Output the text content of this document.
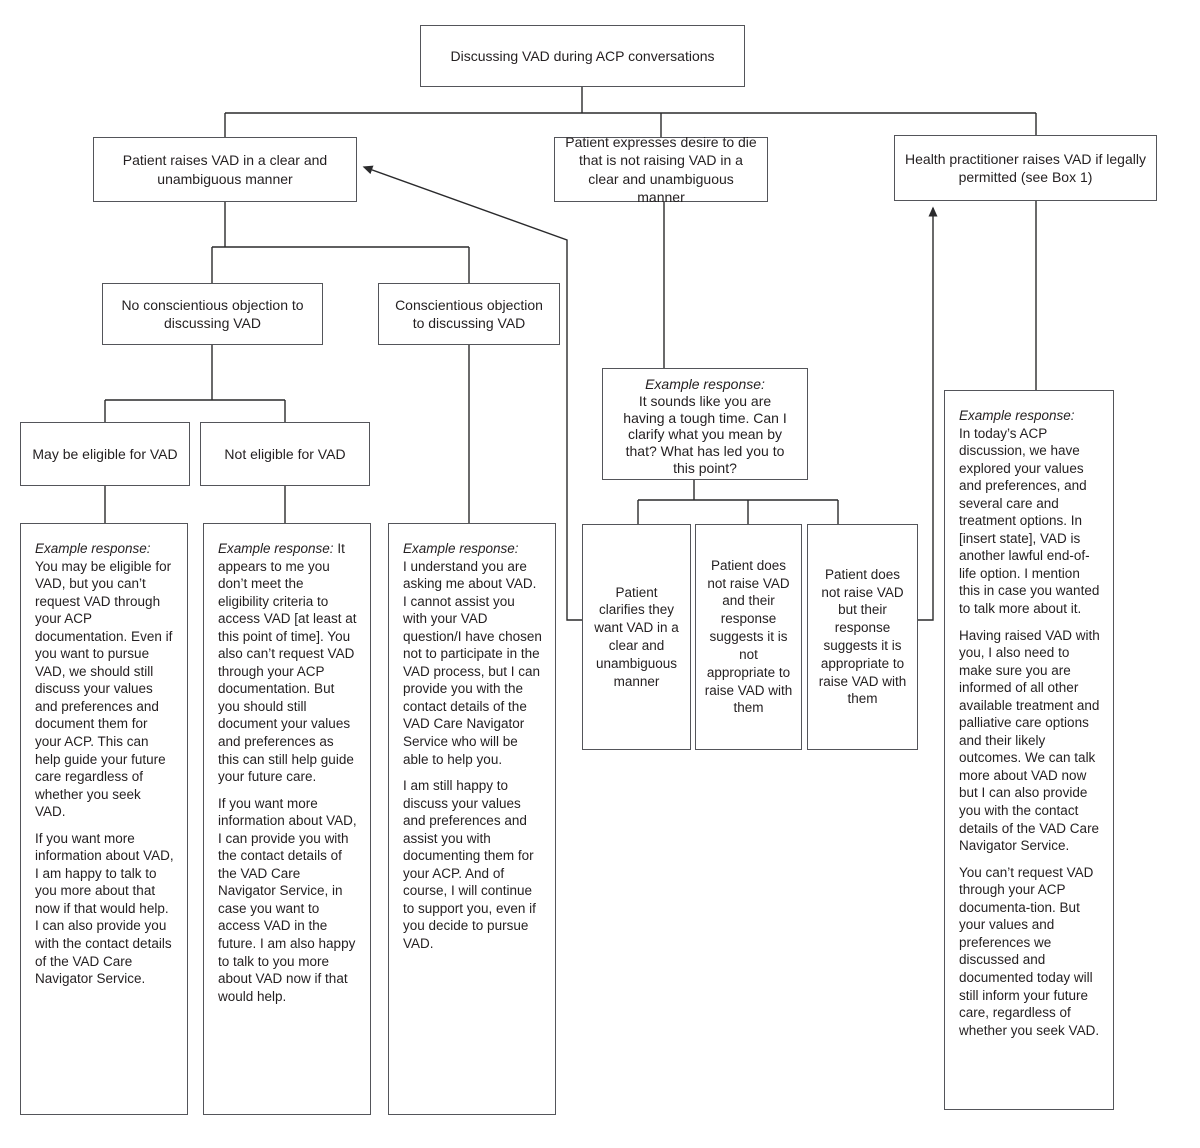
Discussing VAD during ACP conversations
Patient raises VAD in a clear and unambiguous manner
Patient expresses desire to die that is not raising VAD in a clear and unambiguous manner
Health practitioner raises VAD if legally permitted (see Box 1)
No conscientious objection to discussing VAD
Conscientious objection to discussing VAD
May be eligible for VAD	Not eligible for VAD
Example response:
It sounds like you are having a tough time. Can I clarify what you mean by that? What has led you to this point?
Patient clarifies they want VAD in a clear and unambiguous manner
Patient does not raise VAD and their response suggests it is not appropriate to raise VAD with them
Patient does not raise VAD but their response suggests it is appropriate to raise VAD with them
Example response: You may be eligible for VAD, but you can’t request VAD through your ACP documentation. Even if you want to pursue VAD, we should still discuss your values and preferences and document them for your ACP. This can help guide your future care regardless of whether you seek VAD.
If you want more information about VAD, I am happy to talk to you more about that now if that would help. I can also provide you with the contact details of the VAD Care Navigator Service.
Example response: It appears to me you don’t meet the eligibility criteria to access VAD [at least at this point of time]. You also can’t request VAD through your ACP documentation. But you should still document your values and preferences as this can still help guide your future care.
If you want more information about VAD, I can provide you with the contact details of the VAD Care Navigator Service, in case you want to access VAD in the future. I am also happy to talk to you more about VAD now if that would help.
Example response:
I understand you are asking me about VAD. I cannot assist you with your VAD question/I have chosen not to participate in the VAD process, but I can provide you with the contact details of the VAD Care Navigator Service who will be able to help you.
I am still happy to discuss your values and preferences and assist you with documenting them for your ACP. And of course, I will continue to support you, even if you decide to pursue VAD.
Example response:
In today’s ACP discussion, we have explored your values and preferences, and several care and treatment options. In [insert state], VAD is another lawful end-of-life option. I mention this in case you wanted to talk more about it.
Having raised VAD with you, I also need to make sure you are informed of all other available treatment and palliative care options and their likely outcomes. We can talk more about VAD now but I can also provide you with the contact details of the VAD Care Navigator Service.
You can’t request VAD through your ACP documenta-tion. But your values and preferences we discussed and documented today will still inform your future care, regardless of whether you seek VAD.
